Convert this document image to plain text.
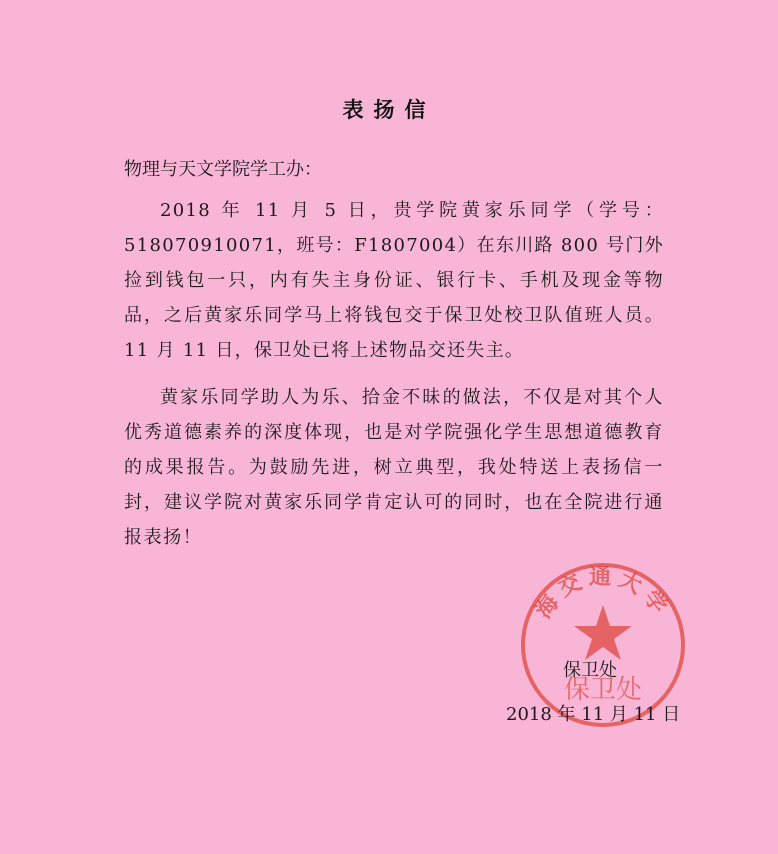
表扬信
物理与天文学院学工办：

2018 年 11 月 5 日，贵学院黄家乐同学（学号：518070910071，班号：F1807004）在东川路 800 号门外捡到钱包一只，内有失主身份证、银行卡、手机及现金等物品，之后黄家乐同学马上将钱包交于保卫处校卫队值班人员。11 月 11 日，保卫处已将上述物品交还失主。

黄家乐同学助人为乐、拾金不昧的做法，不仅是对其个人优秀道德素养的深度体现，也是对学院强化学生思想道德教育的成果报告。为鼓励先进，树立典型，我处特送上表扬信一封，建议学院对黄家乐同学肯定认可的同时，也在全院进行通报表扬！

海交通大学
保卫处
保卫处
2018 年 11 月 11 日
